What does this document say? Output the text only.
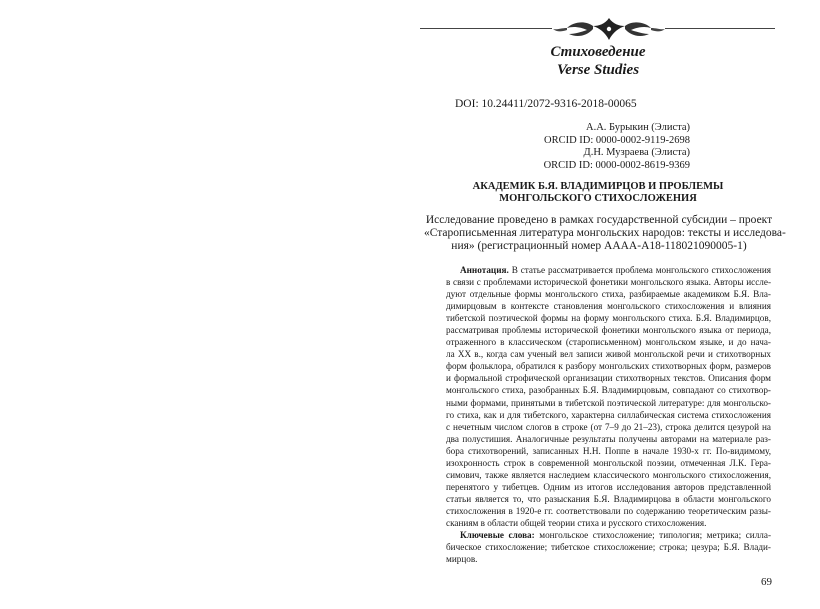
Стиховедение
Verse Studies
DOI: 10.24411/2072-9316-2018-00065
А.А. Бурыкин (Элиста)
ORCID ID: 0000-0002-9119-2698
Д.Н. Музраева (Элиста)
ORCID ID: 0000-0002-8619-9369
АКАДЕМИК Б.Я. ВЛАДИМИРЦОВ И ПРОБЛЕМЫ
МОНГОЛЬСКОГО СТИХОСЛОЖЕНИЯ
Исследование проведено в рамках государственной субсидии – проект
«Старописьменная литература монгольских народов: тексты и исследова-
ния» (регистрационный номер АААА-А18-118021090005-1)
Аннотация. В статье рассматривается проблема монгольского стихосложения
в связи с проблемами исторической фонетики монгольского языка. Авторы иссле-
дуют отдельные формы монгольского стиха, разбираемые академиком Б.Я. Вла-
димирцовым в контексте становления монгольского стихосложения и влияния
тибетской поэтической формы на форму монгольского стиха. Б.Я. Владимирцов,
рассматривая проблемы исторической фонетики монгольского языка от периода,
отраженного в классическом (старописьменном) монгольском языке, и до нача-
ла XX в., когда сам ученый вел записи живой монгольской речи и стихотворных
форм фольклора, обратился к разбору монгольских стихотворных форм, размеров
и формальной строфической организации стихотворных текстов. Описания форм
монгольского стиха, разобранных Б.Я. Владимирцовым, совпадают со стихотвор-
ными формами, принятыми в тибетской поэтической литературе: для монгольско-
го стиха, как и для тибетского, характерна силлабическая система стихосложения
с нечетным числом слогов в строке (от 7–9 до 21–23), строка делится цезурой на
два полустишия. Аналогичные результаты получены авторами на материале раз-
бора стихотворений, записанных Н.Н. Поппе в начале 1930-х гг. По-видимому,
изохронность строк в современной монгольской поэзии, отмеченная Л.К. Гера-
симович, также является наследием классического монгольского стихосложения,
перенятого у тибетцев. Одним из итогов исследования авторов представленной
статьи является то, что разыскания Б.Я. Владимирцова в области монгольского
стихосложения в 1920-е гг. соответствовали по содержанию теоретическим разы-
сканиям в области общей теории стиха и русского стихосложения.
Ключевые слова: монгольское стихосложение; типология; метрика; силла-
бическое стихосложение; тибетское стихосложение; строка; цезура; Б.Я. Влади-
мирцов.
69
